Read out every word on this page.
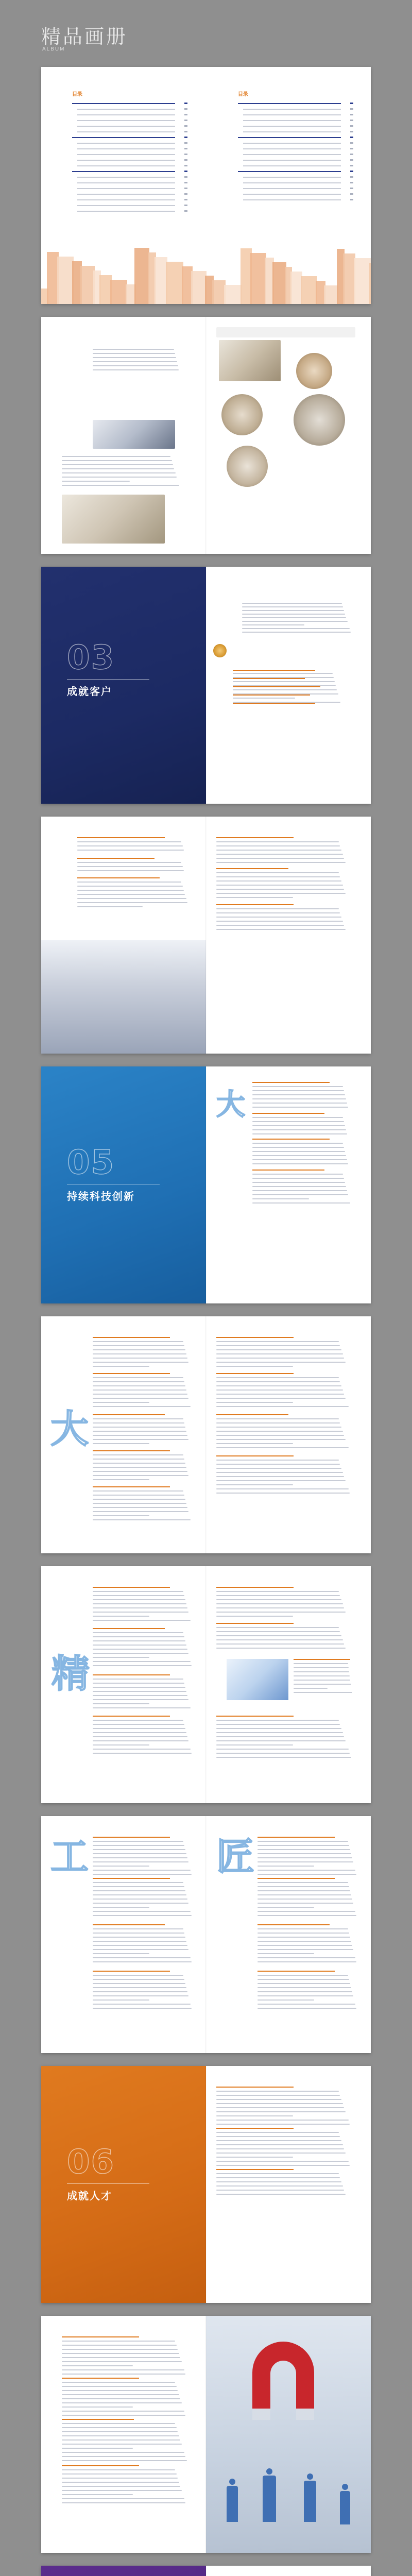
精品画册
ALBUM
目录	目录
03
成就客户
05
持续科技创新
大
大
精
工	匠
06
成就人才
